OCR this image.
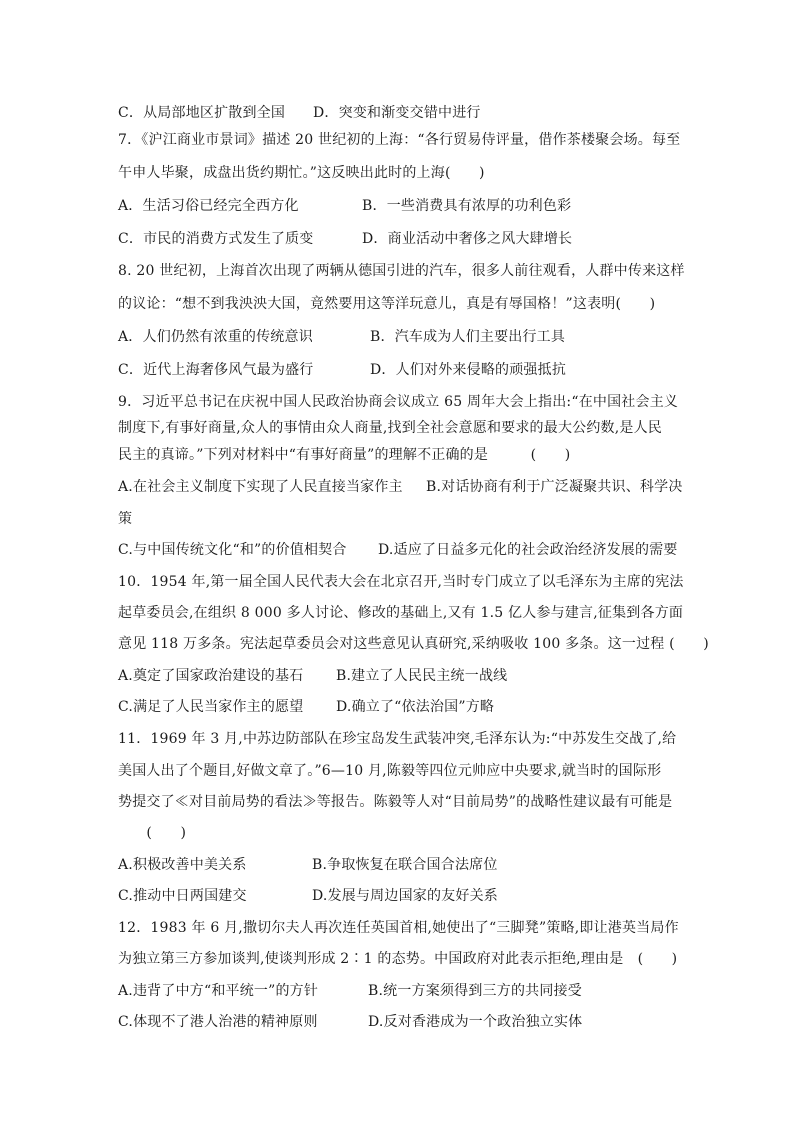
C．从局部地区扩散到全国 D．突变和渐变交错中进行
7．《沪江商业市景词》描述 20 世纪初的上海：“各行贸易侍评量，借作茶楼聚会场。每至
午申人毕聚，成盘出货约期忙。”这反映出此时的上海(　　)
A．生活习俗已经完全西方化	B．一些消费具有浓厚的功利色彩
C．市民的消费方式发生了质变	D．商业活动中奢侈之风大肆增长
8. 20 世纪初，上海首次出现了两辆从德国引进的汽车，很多人前往观看，人群中传来这样
的议论：“想不到我泱泱大国，竟然要用这等洋玩意儿，真是有辱国格！”这表明(　　)
A．人们仍然有浓重的传统意识	B．汽车成为人们主要出行工具
C．近代上海奢侈风气最为盛行	D．人们对外来侵略的顽强抵抗
9．习近平总书记在庆祝中国人民政治协商会议成立 65 周年大会上指出:“在中国社会主义
制度下,有事好商量,众人的事情由众人商量,找到全社会意愿和要求的最大公约数,是人民
民主的真谛。”下列对材料中“有事好商量”的理解不正确的是　　　(　　)
A.在社会主义制度下实现了人民直接当家作主 B.对话协商有利于广泛凝聚共识、科学决
策
C.与中国传统文化“和”的价值相契合 D.适应了日益多元化的社会政治经济发展的需要
10．1954 年,第一届全国人民代表大会在北京召开,当时专门成立了以毛泽东为主席的宪法
起草委员会,在组织 8 000 多人讨论、修改的基础上,又有 1.5 亿人参与建言,征集到各方面
意见 118 万多条。宪法起草委员会对这些意见认真研究,采纳吸收 100 多条。这一过程 (　　)
A.奠定了国家政治建设的基石 B.建立了人民民主统一战线
C.满足了人民当家作主的愿望 D.确立了“依法治国”方略
11．1969 年 3 月,中苏边防部队在珍宝岛发生武装冲突,毛泽东认为:“中苏发生交战了,给
美国人出了个题目,好做文章了。”6—10 月,陈毅等四位元帅应中央要求,就当时的国际形
势提交了≪对目前局势的看法≫等报告。陈毅等人对“目前局势”的战略性建议最有可能是
　　(　　)
A.积极改善中美关系	B.争取恢复在联合国合法席位
C.推动中日两国建交	D.发展与周边国家的友好关系
12．1983 年 6 月,撒切尔夫人再次连任英国首相,她使出了“三脚凳”策略,即让港英当局作
为独立第三方参加谈判,使谈判形成 2∶1 的态势。中国政府对此表示拒绝,理由是　(　　)
A.违背了中方“和平统一”的方针	B.统一方案须得到三方的共同接受
C.体现不了港人治港的精神原则	D.反对香港成为一个政治独立实体
